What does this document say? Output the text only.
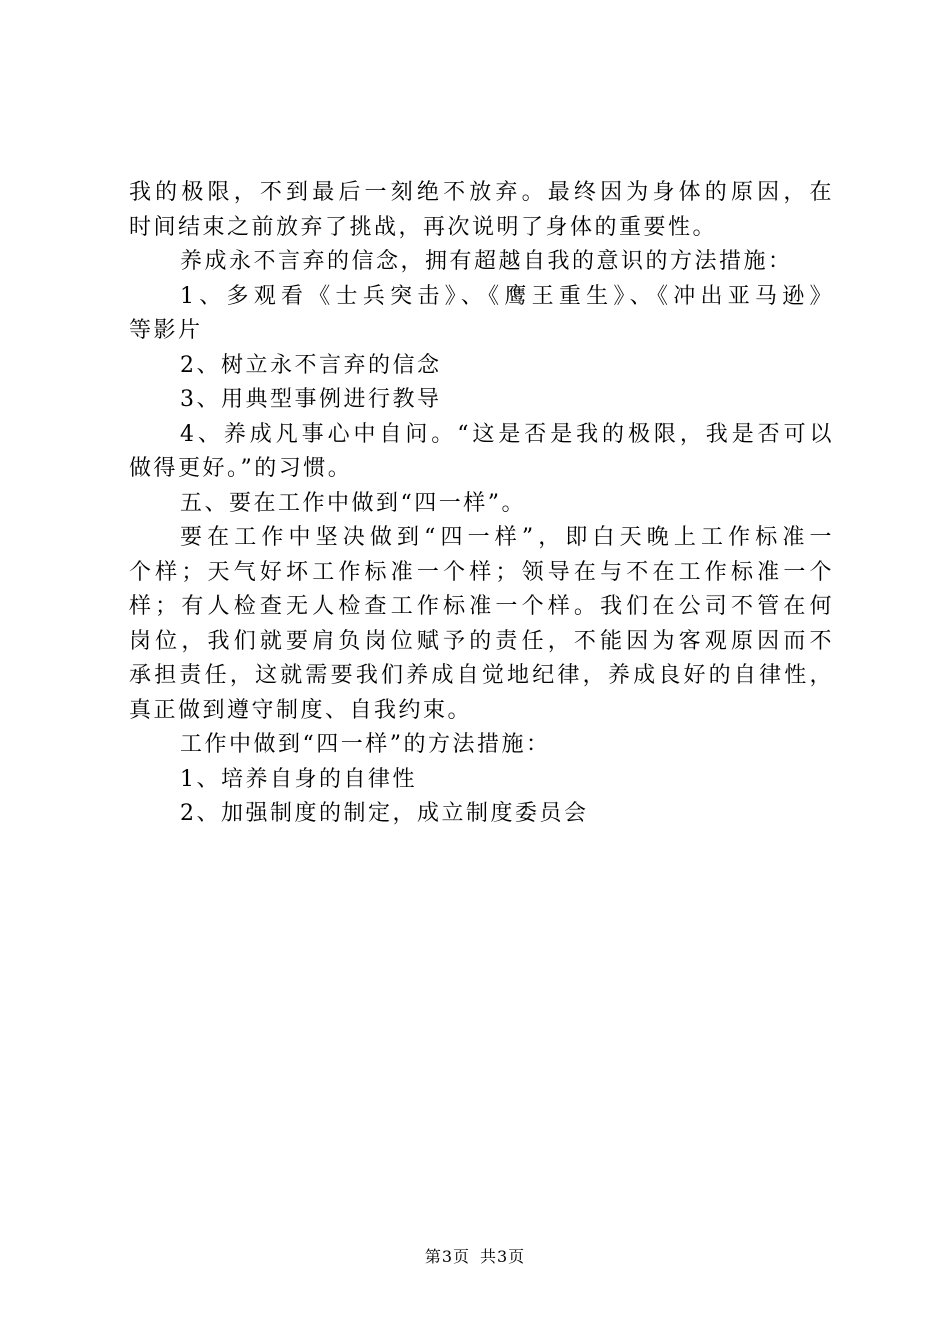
我的极限，不到最后一刻绝不放弃。最终因为身体的原因，在
时间结束之前放弃了挑战，再次说明了身体的重要性。
养成永不言弃的信念，拥有超越自我的意识的方法措施：
1、多观看《士兵突击》、《鹰王重生》、《冲出亚马逊》
等影片
2、树立永不言弃的信念
3、用典型事例进行教导
4、养成凡事心中自问。“这是否是我的极限，我是否可以
做得更好。”的习惯。
五、要在工作中做到“四一样”。
要在工作中坚决做到“四一样”，即白天晚上工作标准一
个样；天气好坏工作标准一个样；领导在与不在工作标准一个
样；有人检查无人检查工作标准一个样。我们在公司不管在何
岗位，我们就要肩负岗位赋予的责任，不能因为客观原因而不
承担责任，这就需要我们养成自觉地纪律，养成良好的自律性，
真正做到遵守制度、自我约束。
工作中做到“四一样”的方法措施：
1、培养自身的自律性
2、加强制度的制定，成立制度委员会
第3页 共3页
